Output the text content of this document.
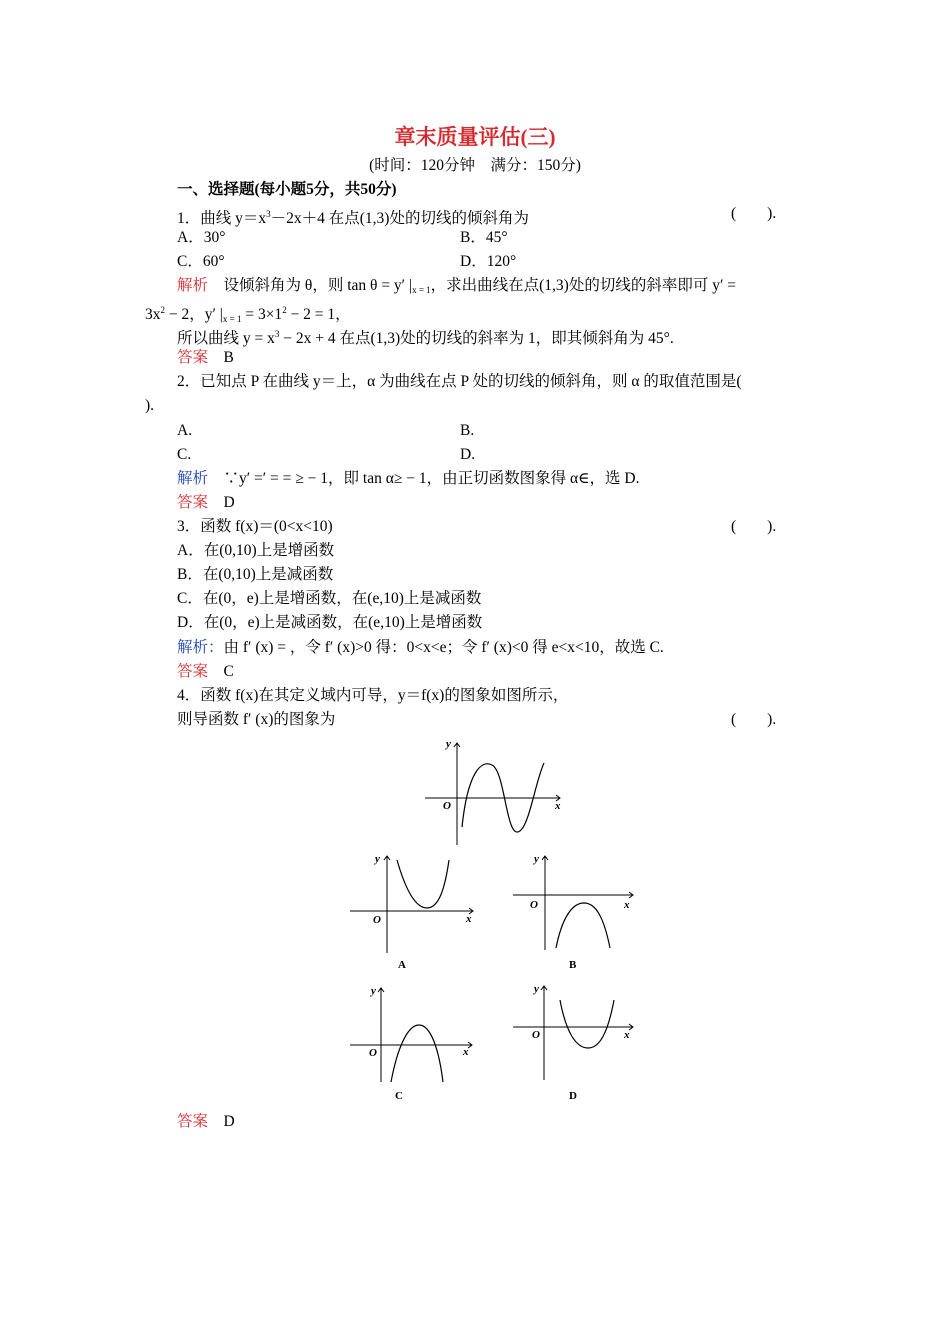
章末质量评估(三)
(时间：120分钟　满分：150分)
一、选择题(每小题5分，共50分)
1．曲线 $y=x^3-2x+4$ 在点(1,3)处的切线的倾斜角为	(　　).
A．30°	B．45°
C．60°	D．120°
解析　 设倾斜角为 θ，则 tan θ = y′ $|_{x = 1}$，求出曲线在点(1,3)处的切线的斜率即可 y′ =
$3x^2 - 2$，y′ $|_{x = 1} = 3\times 1^2 - 2 = 1$，
所以曲线 $y = x^3 - 2x + 4$ 在点(1,3)处的切线的斜率为 1，即其倾斜角为 45°.
答案　 B
2．已知点 P 在曲线 y＝上，α 为曲线在点 P 处的切线的倾斜角，则 α 的取值范围是(
).
A.	B.
C.	D.
解析　 ∵y′ =′ = = ≥ − 1，即 tan α≥ − 1，由正切函数图象得 α∈，选 D.
答案　 D
3．函数 f(x)＝(0<x<10)	(　　).
A．在(0,10)上是增函数
B．在(0,10)上是减函数
C．在(0，e)上是增函数，在(e,10)上是减函数
D．在(0，e)上是减函数，在(e,10)上是增函数
解析：由 f′ (x) = ，令 f′ (x)>0 得：0<x<e；令 f′ (x)<0 得 e<x<10，故选 C.
答案　 C
4．函数 f(x)在其定义域内可导，y＝f(x)的图象如图所示，
则导函数 f′ (x)的图象为	(　　).
y
x
O
y
x
O
A
y
x
O
B
y
x
O
C
y
x
O
D
答案　 D
